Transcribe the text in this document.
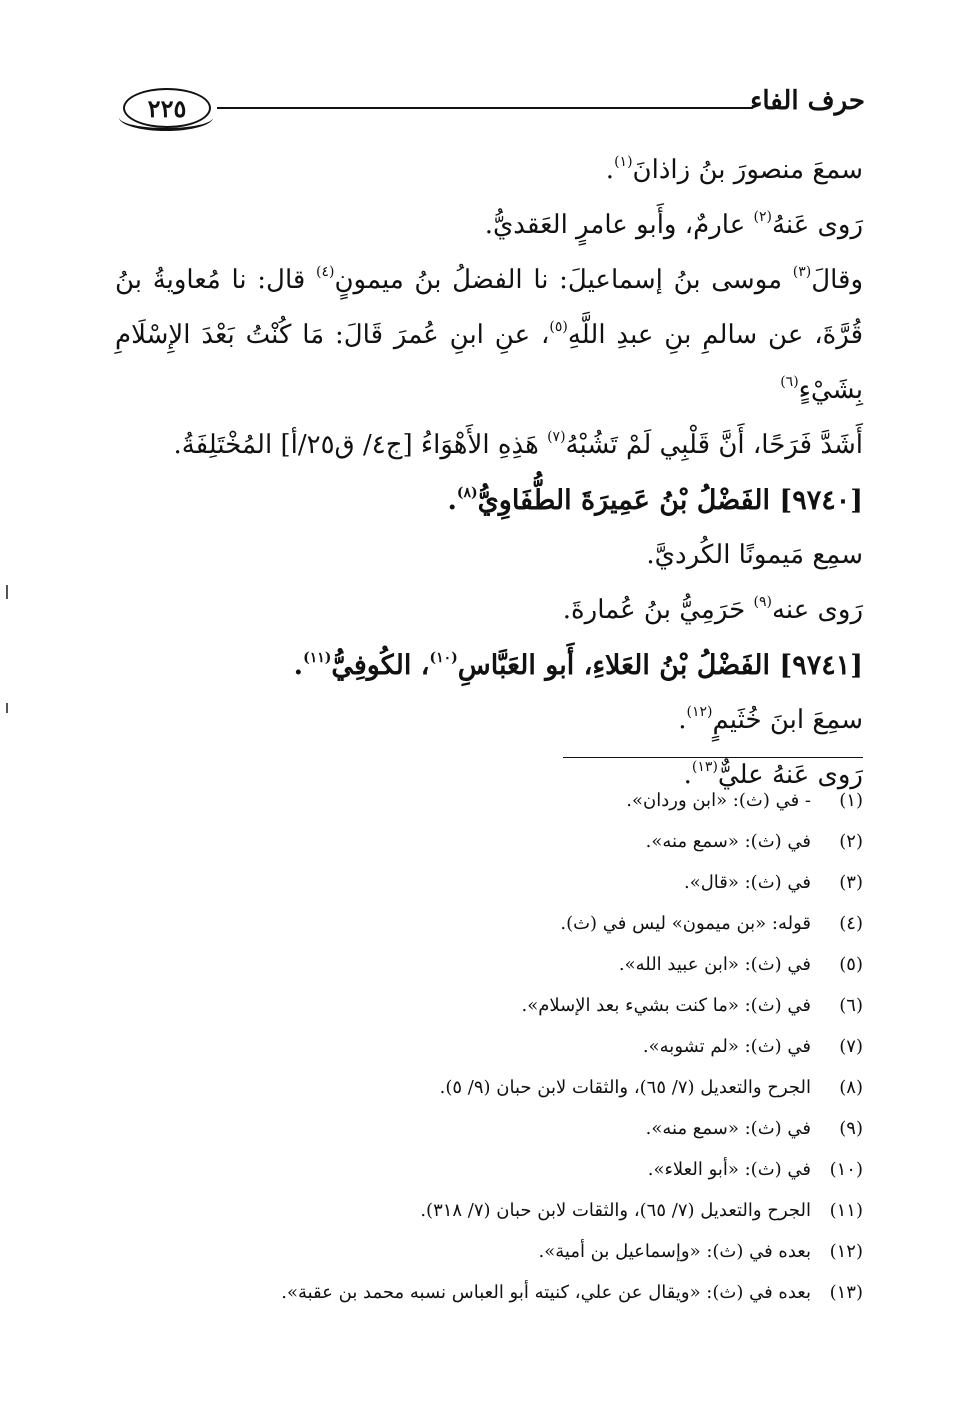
٢٢٥	حرف الفاء
سمعَ منصورَ بنُ زاذانَ$^{(١)}$.
رَوى عَنهُ$^{(٢)}$ عارمٌ، وأَبو عامرٍ العَقديُّ.
وقالَ$^{(٣)}$ موسى بنُ إسماعيلَ: نا الفضلُ بنُ ميمونٍ$^{(٤)}$ قال: نا مُعاويةُ بنُ
قُرَّةَ، عن سالمِ بنِ عبدِ اللَّهِ$^{(٥)}$، عنِ ابنِ عُمرَ قَالَ: مَا كُنْتُ بَعْدَ الإِسْلَامِ بِشَيْءٍ$^{(٦)}$
أَشَدَّ فَرَحًا، أَنَّ قَلْبِي لَمْ تَشُبْهُ$^{(٧)}$ هَذِهِ الأَهْوَاءُ [ج٤/ ق٢٥/أ] المُخْتَلِفَةُ.
[٩٧٤٠] الفَضْلُ بْنُ عَمِيرَةَ الطُّفَاوِيُّ$^{(٨)}$.
سمِع مَيمونًا الكُرديَّ.
رَوى عنه$^{(٩)}$ حَرَمِيُّ بنُ عُمارةَ.
[٩٧٤١] الفَضْلُ بْنُ العَلاءِ، أَبو العَبَّاسِ$^{(١٠)}$، الكُوفِيُّ$^{(١١)}$.
سمِعَ ابنَ خُثَيمٍ$^{(١٢)}$.
رَوى عَنهُ عليٌّ$^{(١٣)}$.
(١)- في (ث): «ابن وردان».
(٢)في (ث): «سمع منه».
(٣)في (ث): «قال».
(٤)قوله: «بن ميمون» ليس في (ث).
(٥)في (ث): «ابن عبيد الله».
(٦)في (ث): «ما كنت بشيء بعد الإسلام».
(٧)في (ث): «لم تشوبه».
(٨)الجرح والتعديل (٧/ ٦٥)، والثقات لابن حبان (٩/ ٥).
(٩)في (ث): «سمع منه».
(١٠)في (ث): «أبو العلاء».
(١١)الجرح والتعديل (٧/ ٦٥)، والثقات لابن حبان (٧/ ٣١٨).
(١٢)بعده في (ث): «وإسماعيل بن أمية».
(١٣)بعده في (ث): «ويقال عن علي، كنيته أبو العباس نسبه محمد بن عقبة».
